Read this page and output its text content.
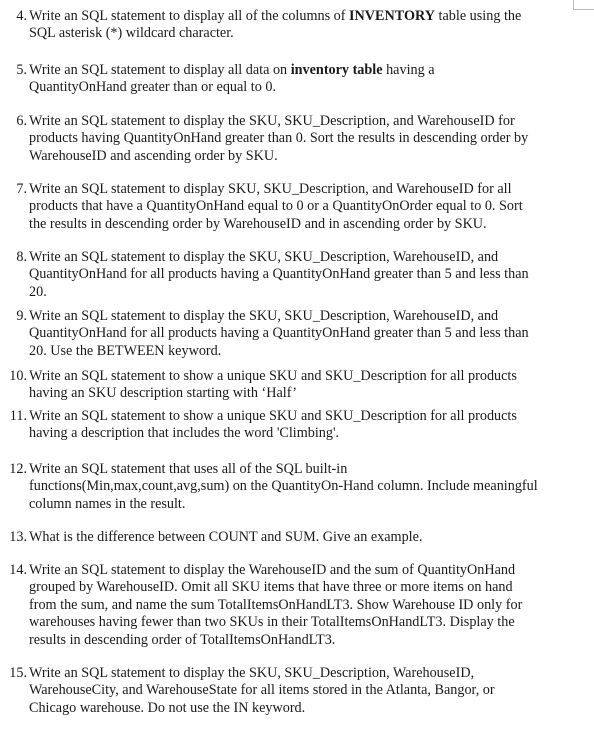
4. Write an SQL statement to display all of the columns of INVENTORY table using the
SQL asterisk (*) wildcard character.
5. Write an SQL statement to display all data on inventory table having a
QuantityOnHand greater than or equal to 0.
6. Write an SQL statement to display the SKU, SKU_Description, and WarehouseID for
products having QuantityOnHand greater than 0. Sort the results in descending order by
WarehouseID and ascending order by SKU.
7. Write an SQL statement to display SKU, SKU_Description, and WarehouseID for all
products that have a QuantityOnHand equal to 0 or a QuantityOnOrder equal to 0. Sort
the results in descending order by WarehouseID and in ascending order by SKU.
8. Write an SQL statement to display the SKU, SKU_Description, WarehouseID, and
QuantityOnHand for all products having a QuantityOnHand greater than 5 and less than
20.
9. Write an SQL statement to display the SKU, SKU_Description, WarehouseID, and
QuantityOnHand for all products having a QuantityOnHand greater than 5 and less than
20. Use the BETWEEN keyword.
10. Write an SQL statement to show a unique SKU and SKU_Description for all products
having an SKU description starting with ‘Half’
11. Write an SQL statement to show a unique SKU and SKU_Description for all products
having a description that includes the word 'Climbing'.
12. Write an SQL statement that uses all of the SQL built-in
functions(Min,max,count,avg,sum) on the QuantityOn-Hand column. Include meaningful
column names in the result.
13. What is the difference between COUNT and SUM. Give an example.
14. Write an SQL statement to display the WarehouseID and the sum of QuantityOnHand
grouped by WarehouseID. Omit all SKU items that have three or more items on hand
from the sum, and name the sum TotalItemsOnHandLT3. Show Warehouse ID only for
warehouses having fewer than two SKUs in their TotalItemsOnHandLT3. Display the
results in descending order of TotalItemsOnHandLT3.
15. Write an SQL statement to display the SKU, SKU_Description, WarehouseID,
WarehouseCity, and WarehouseState for all items stored in the Atlanta, Bangor, or
Chicago warehouse. Do not use the IN keyword.
